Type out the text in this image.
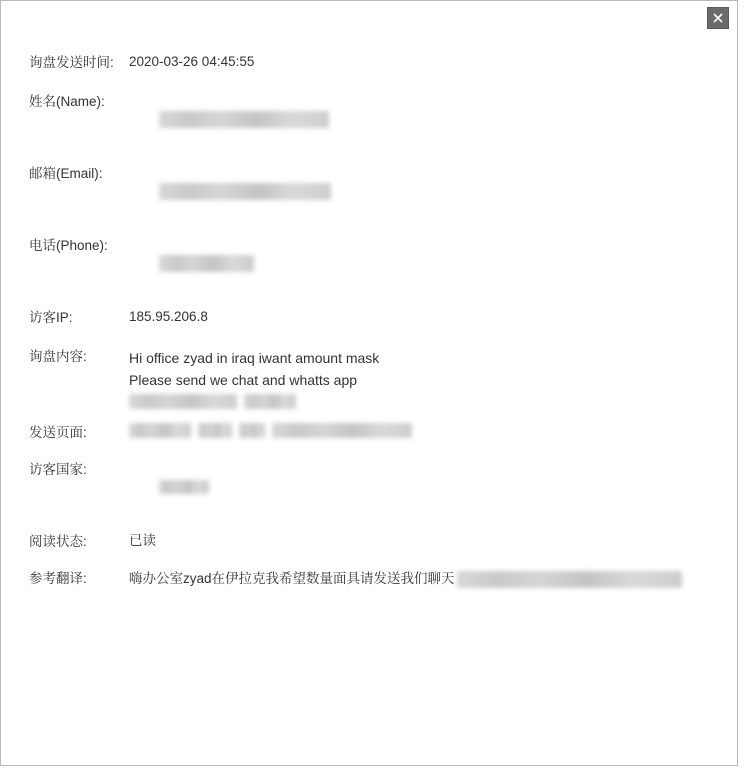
询盘发送时间:	2020-03-26 04:45:55
姓名(Name):

邮箱(Email):

电话(Phone):

访客IP:	185.95.206.8
询盘内容:	Hi office zyad in iraq iwant amount mask
Please send we chat and whatts app
发送页面:
访客国家:

阅读状态:	已读
参考翻译:	嗨办公室zyad在伊拉克我希望数量面具请发送我们聊天
